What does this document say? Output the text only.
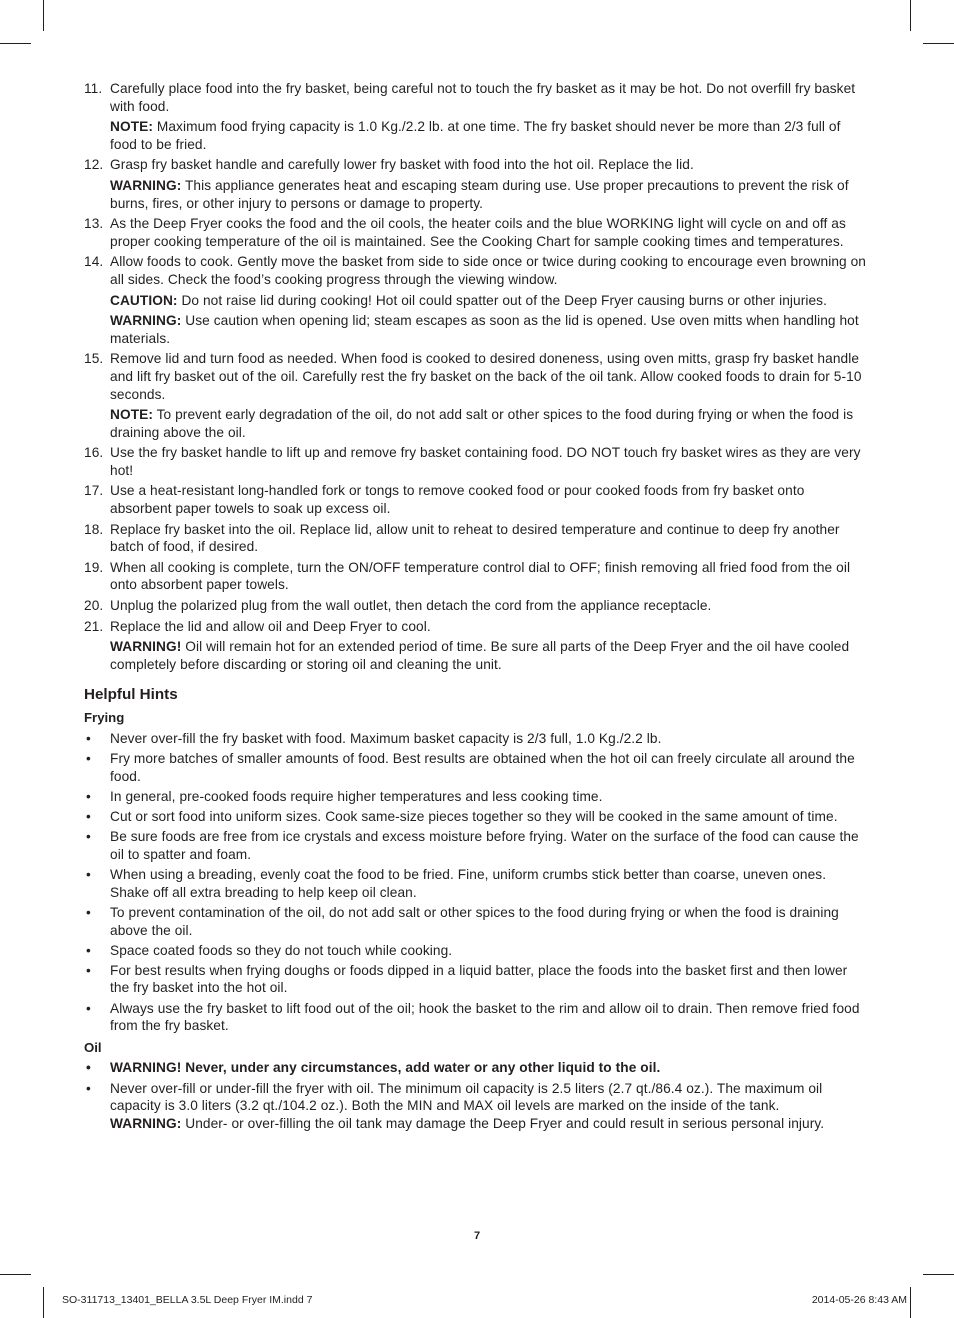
11. Carefully place food into the fry basket, being careful not to touch the fry basket as it may be hot. Do not overfill fry basket with food.

NOTE: Maximum food frying capacity is 1.0 Kg./2.2 lb. at one time. The fry basket should never be more than 2/3 full of food to be fried.

12. Grasp fry basket handle and carefully lower fry basket with food into the hot oil. Replace the lid.

WARNING: This appliance generates heat and escaping steam during use. Use proper precautions to prevent the risk of burns, fires, or other injury to persons or damage to property.

13. As the Deep Fryer cooks the food and the oil cools, the heater coils and the blue WORKING light will cycle on and off as proper cooking temperature of the oil is maintained. See the Cooking Chart for sample cooking times and temperatures.

14. Allow foods to cook. Gently move the basket from side to side once or twice during cooking to encourage even browning on all sides. Check the food’s cooking progress through the viewing window.

CAUTION: Do not raise lid during cooking! Hot oil could spatter out of the Deep Fryer causing burns or other injuries.

WARNING: Use caution when opening lid; steam escapes as soon as the lid is opened. Use oven mitts when handling hot materials.

15. Remove lid and turn food as needed. When food is cooked to desired doneness, using oven mitts, grasp fry basket handle and lift fry basket out of the oil. Carefully rest the fry basket on the back of the oil tank. Allow cooked foods to drain for 5-10 seconds.

NOTE: To prevent early degradation of the oil, do not add salt or other spices to the food during frying or when the food is draining above the oil.

16. Use the fry basket handle to lift up and remove fry basket containing food. DO NOT touch fry basket wires as they are very hot!

17. Use a heat-resistant long-handled fork or tongs to remove cooked food or pour cooked foods from fry basket onto absorbent paper towels to soak up excess oil.

18. Replace fry basket into the oil. Replace lid, allow unit to reheat to desired temperature and continue to deep fry another batch of food, if desired.

19. When all cooking is complete, turn the ON/OFF temperature control dial to OFF; finish removing all fried food from the oil onto absorbent paper towels.

20. Unplug the polarized plug from the wall outlet, then detach the cord from the appliance receptacle.

21. Replace the lid and allow oil and Deep Fryer to cool.

WARNING! Oil will remain hot for an extended period of time. Be sure all parts of the Deep Fryer and the oil have cooled completely before discarding or storing oil and cleaning the unit.

Helpful Hints
Frying
• Never over-fill the fry basket with food. Maximum basket capacity is 2/3 full, 1.0 Kg./2.2 lb.

• Fry more batches of smaller amounts of food. Best results are obtained when the hot oil can freely circulate all around the food.

• In general, pre-cooked foods require higher temperatures and less cooking time.

• Cut or sort food into uniform sizes. Cook same-size pieces together so they will be cooked in the same amount of time.

• Be sure foods are free from ice crystals and excess moisture before frying. Water on the surface of the food can cause the oil to spatter and foam.

• When using a breading, evenly coat the food to be fried. Fine, uniform crumbs stick better than coarse, uneven ones. Shake off all extra breading to help keep oil clean.

• To prevent contamination of the oil, do not add salt or other spices to the food during frying or when the food is draining above the oil.

• Space coated foods so they do not touch while cooking.

• For best results when frying doughs or foods dipped in a liquid batter, place the foods into the basket first and then lower the fry basket into the hot oil.

• Always use the fry basket to lift food out of the oil; hook the basket to the rim and allow oil to drain. Then remove fried food from the fry basket.

Oil
• WARNING! Never, under any circumstances, add water or any other liquid to the oil.

• Never over-fill or under-fill the fryer with oil. The minimum oil capacity is 2.5 liters (2.7 qt./86.4 oz.). The maximum oil capacity is 3.0 liters (3.2 qt./104.2 oz.). Both the MIN and MAX oil levels are marked on the inside of the tank.

WARNING: Under- or over-filling the oil tank may damage the Deep Fryer and could result in serious personal injury.

7
SO-311713_13401_BELLA 3.5L Deep Fryer IM.indd 7	2014-05-26 8:43 AM
